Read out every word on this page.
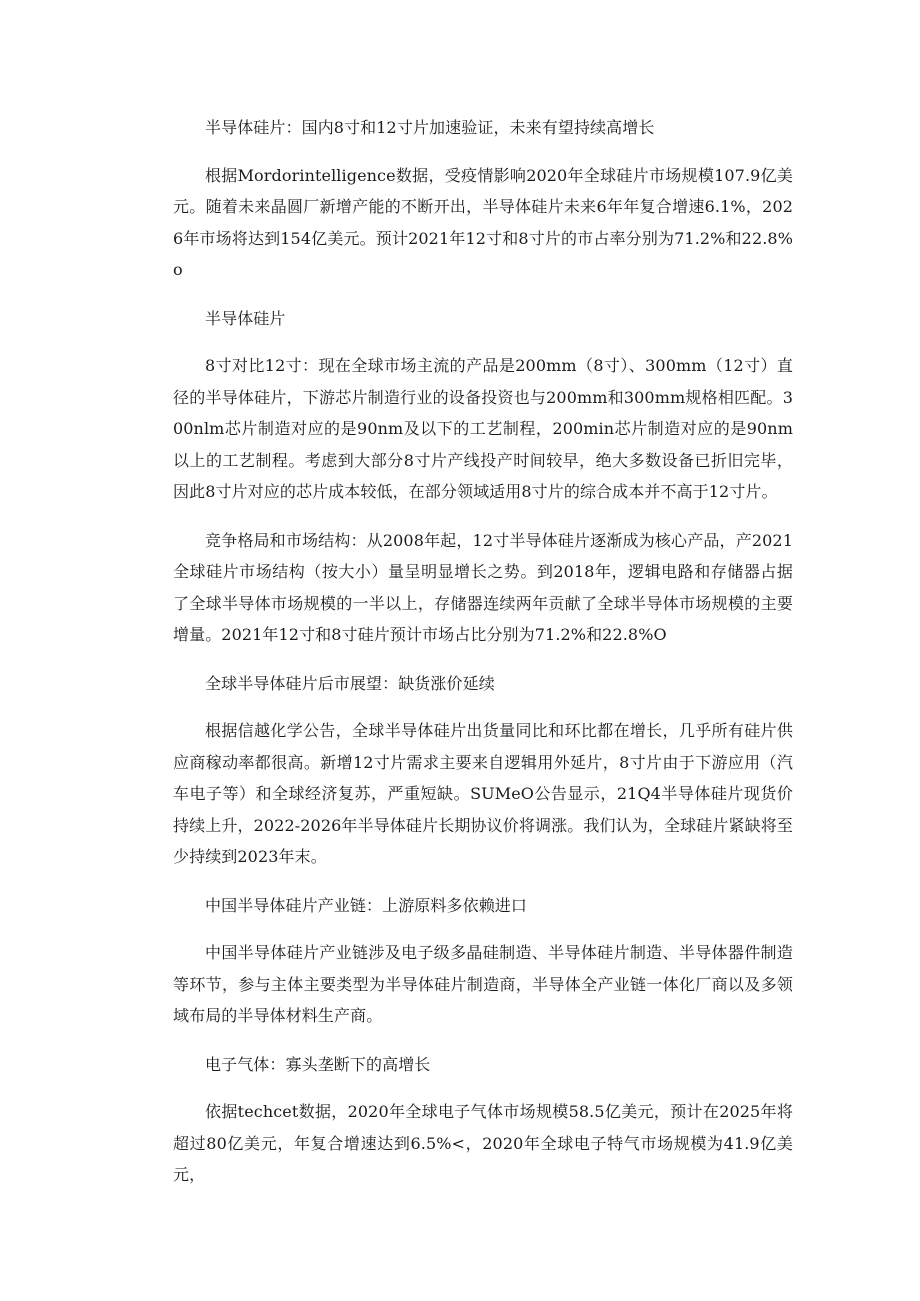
半导体硅片：国内8寸和12寸片加速验证，未来有望持续高增长

根据Mordorintelligence数据，受疫情影响2020年全球硅片市场规模107.9亿美元。随着未来晶圆厂新增产能的不断开出，半导体硅片未来6年年复合增速6.1%，2026年市场将达到154亿美元。预计2021年12寸和8寸片的市占率分别为71.2%和22.8%o

半导体硅片

8寸对比12寸：现在全球市场主流的产品是200mm（8寸）、300mm（12寸）直径的半导体硅片，下游芯片制造行业的设备投资也与200mm和300mm规格相匹配。300nlm芯片制造对应的是90nm及以下的工艺制程，200min芯片制造对应的是90nm以上的工艺制程。考虑到大部分8寸片产线投产时间较早，绝大多数设备已折旧完毕，因此8寸片对应的芯片成本较低，在部分领域适用8寸片的综合成本并不高于12寸片。

竞争格局和市场结构：从2008年起，12寸半导体硅片逐渐成为核心产品，产2021全球硅片市场结构（按大小）量呈明显增长之势。到2018年，逻辑电路和存储器占据了全球半导体市场规模的一半以上，存储器连续两年贡献了全球半导体市场规模的主要增量。2021年12寸和8寸硅片预计市场占比分别为71.2%和22.8%O

全球半导体硅片后市展望：缺货涨价延续

根据信越化学公告，全球半导体硅片出货量同比和环比都在增长，几乎所有硅片供应商稼动率都很高。新增12寸片需求主要来自逻辑用外延片，8寸片由于下游应用（汽车电子等）和全球经济复苏，严重短缺。SUMeO公告显示，21Q4半导体硅片现货价持续上升，2022-2026年半导体硅片长期协议价将调涨。我们认为，全球硅片紧缺将至少持续到2023年末。

中国半导体硅片产业链：上游原料多依赖进口

中国半导体硅片产业链涉及电子级多晶硅制造、半导体硅片制造、半导体器件制造等环节，参与主体主要类型为半导体硅片制造商，半导体全产业链一体化厂商以及多领域布局的半导体材料生产商。

电子气体：寡头垄断下的高增长

依据techcet数据，2020年全球电子气体市场规模58.5亿美元，预计在2025年将超过80亿美元，年复合增速达到6.5%<，2020年全球电子特气市场规模为41.9亿美元，
